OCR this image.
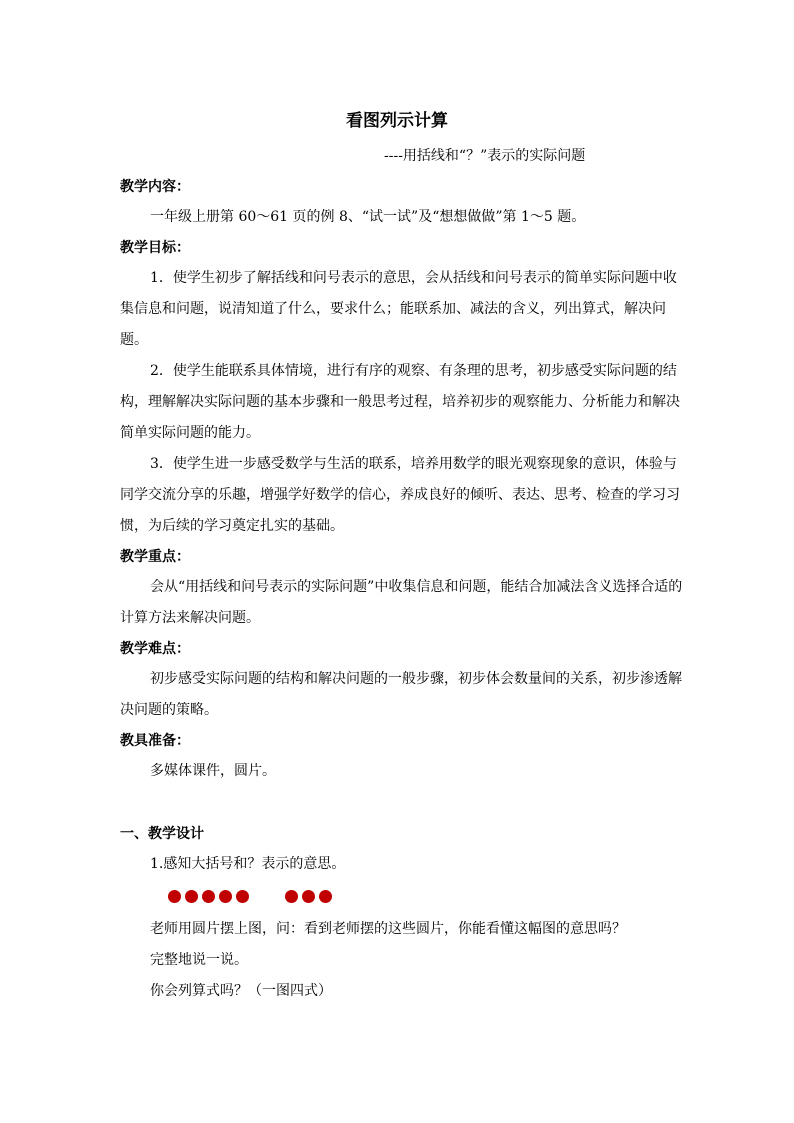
看图列示计算
----用括线和“？”表示的实际问题
教学内容：

一年级上册第 60～61 页的例 8、“试一试”及“想想做做”第 1～5 题。

教学目标：

1．使学生初步了解括线和问号表示的意思，会从括线和问号表示的简单实际问题中收集信息和问题，说清知道了什么，要求什么；能联系加、减法的含义，列出算式，解决问题。

2．使学生能联系具体情境，进行有序的观察、有条理的思考，初步感受实际问题的结构，理解解决实际问题的基本步骤和一般思考过程，培养初步的观察能力、分析能力和解决简单实际问题的能力。

3．使学生进一步感受数学与生活的联系，培养用数学的眼光观察现象的意识，体验与同学交流分享的乐趣，增强学好数学的信心，养成良好的倾听、表达、思考、检查的学习习惯，为后续的学习奠定扎实的基础。

教学重点：

会从“用括线和问号表示的实际问题”中收集信息和问题，能结合加减法含义选择合适的计算方法来解决问题。

教学难点：

初步感受实际问题的结构和解决问题的一般步骤，初步体会数量间的关系，初步渗透解决问题的策略。

教具准备：

多媒体课件，圆片。

一、教学设计

1.感知大括号和？表示的意思。

老师用圆片摆上图，问：看到老师摆的这些圆片，你能看懂这幅图的意思吗？

完整地说一说。

你会列算式吗？（一图四式）
